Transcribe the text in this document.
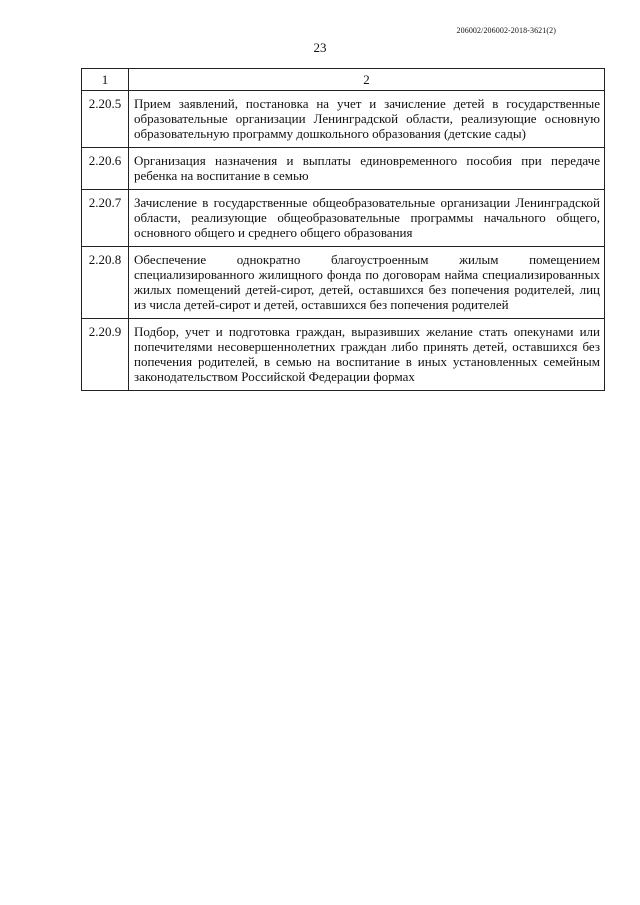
206002/206002-2018-3621(2)
23
1	2
2.20.5	Прием заявлений, постановка на учет и зачисление детей в государственные образовательные организации Ленинградской области, реализующие основную образовательную программу дошкольного образования (детские сады)
2.20.6	Организация назначения и выплаты единовременного пособия при передаче ребенка на воспитание в семью
2.20.7	Зачисление в государственные общеобразовательные организации Ленинградской области, реализующие общеобразовательные программы начального общего, основного общего и среднего общего образования
2.20.8	Обеспечение однократно благоустроенным жилым помещением специализированного жилищного фонда по договорам найма специализированных жилых помещений детей-сирот, детей, оставшихся без попечения родителей, лиц из числа детей-сирот и детей, оставшихся без попечения родителей
2.20.9	Подбор, учет и подготовка граждан, выразивших желание стать опекунами или попечителями несовершеннолетних граждан либо принять детей, оставшихся без попечения родителей, в семью на воспитание в иных установленных семейным законодательством Российской Федерации формах
